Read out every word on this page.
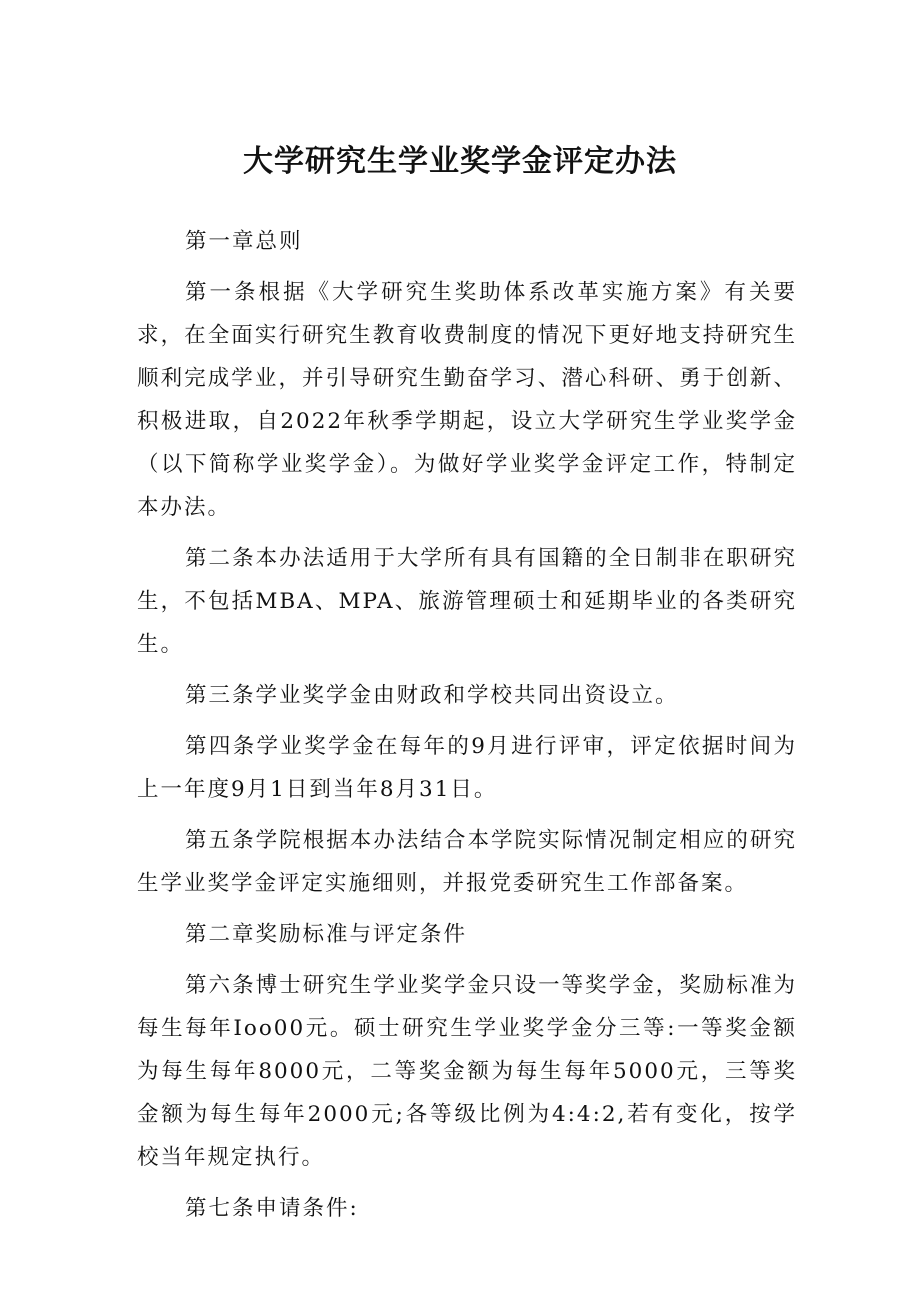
大学研究生学业奖学金评定办法

第一章总则

第一条根据《大学研究生奖助体系改革实施方案》有关要求，在全面实行研究生教育收费制度的情况下更好地支持研究生顺利完成学业，并引导研究生勤奋学习、潜心科研、勇于创新、积极进取，自2022年秋季学期起，设立大学研究生学业奖学金（以下简称学业奖学金）。为做好学业奖学金评定工作，特制定本办法。

第二条本办法适用于大学所有具有国籍的全日制非在职研究生，不包括MBA、MPA、旅游管理硕士和延期毕业的各类研究生。

第三条学业奖学金由财政和学校共同出资设立。

第四条学业奖学金在每年的9月进行评审，评定依据时间为上一年度9月1日到当年8月31日。

第五条学院根据本办法结合本学院实际情况制定相应的研究生学业奖学金评定实施细则，并报党委研究生工作部备案。

第二章奖励标准与评定条件

第六条博士研究生学业奖学金只设一等奖学金，奖励标准为每生每年Ioo00元。硕士研究生学业奖学金分三等:一等奖金额为每生每年8000元，二等奖金额为每生每年5000元，三等奖金额为每生每年2000元;各等级比例为4:4:2,若有变化，按学校当年规定执行。

第七条申请条件:
